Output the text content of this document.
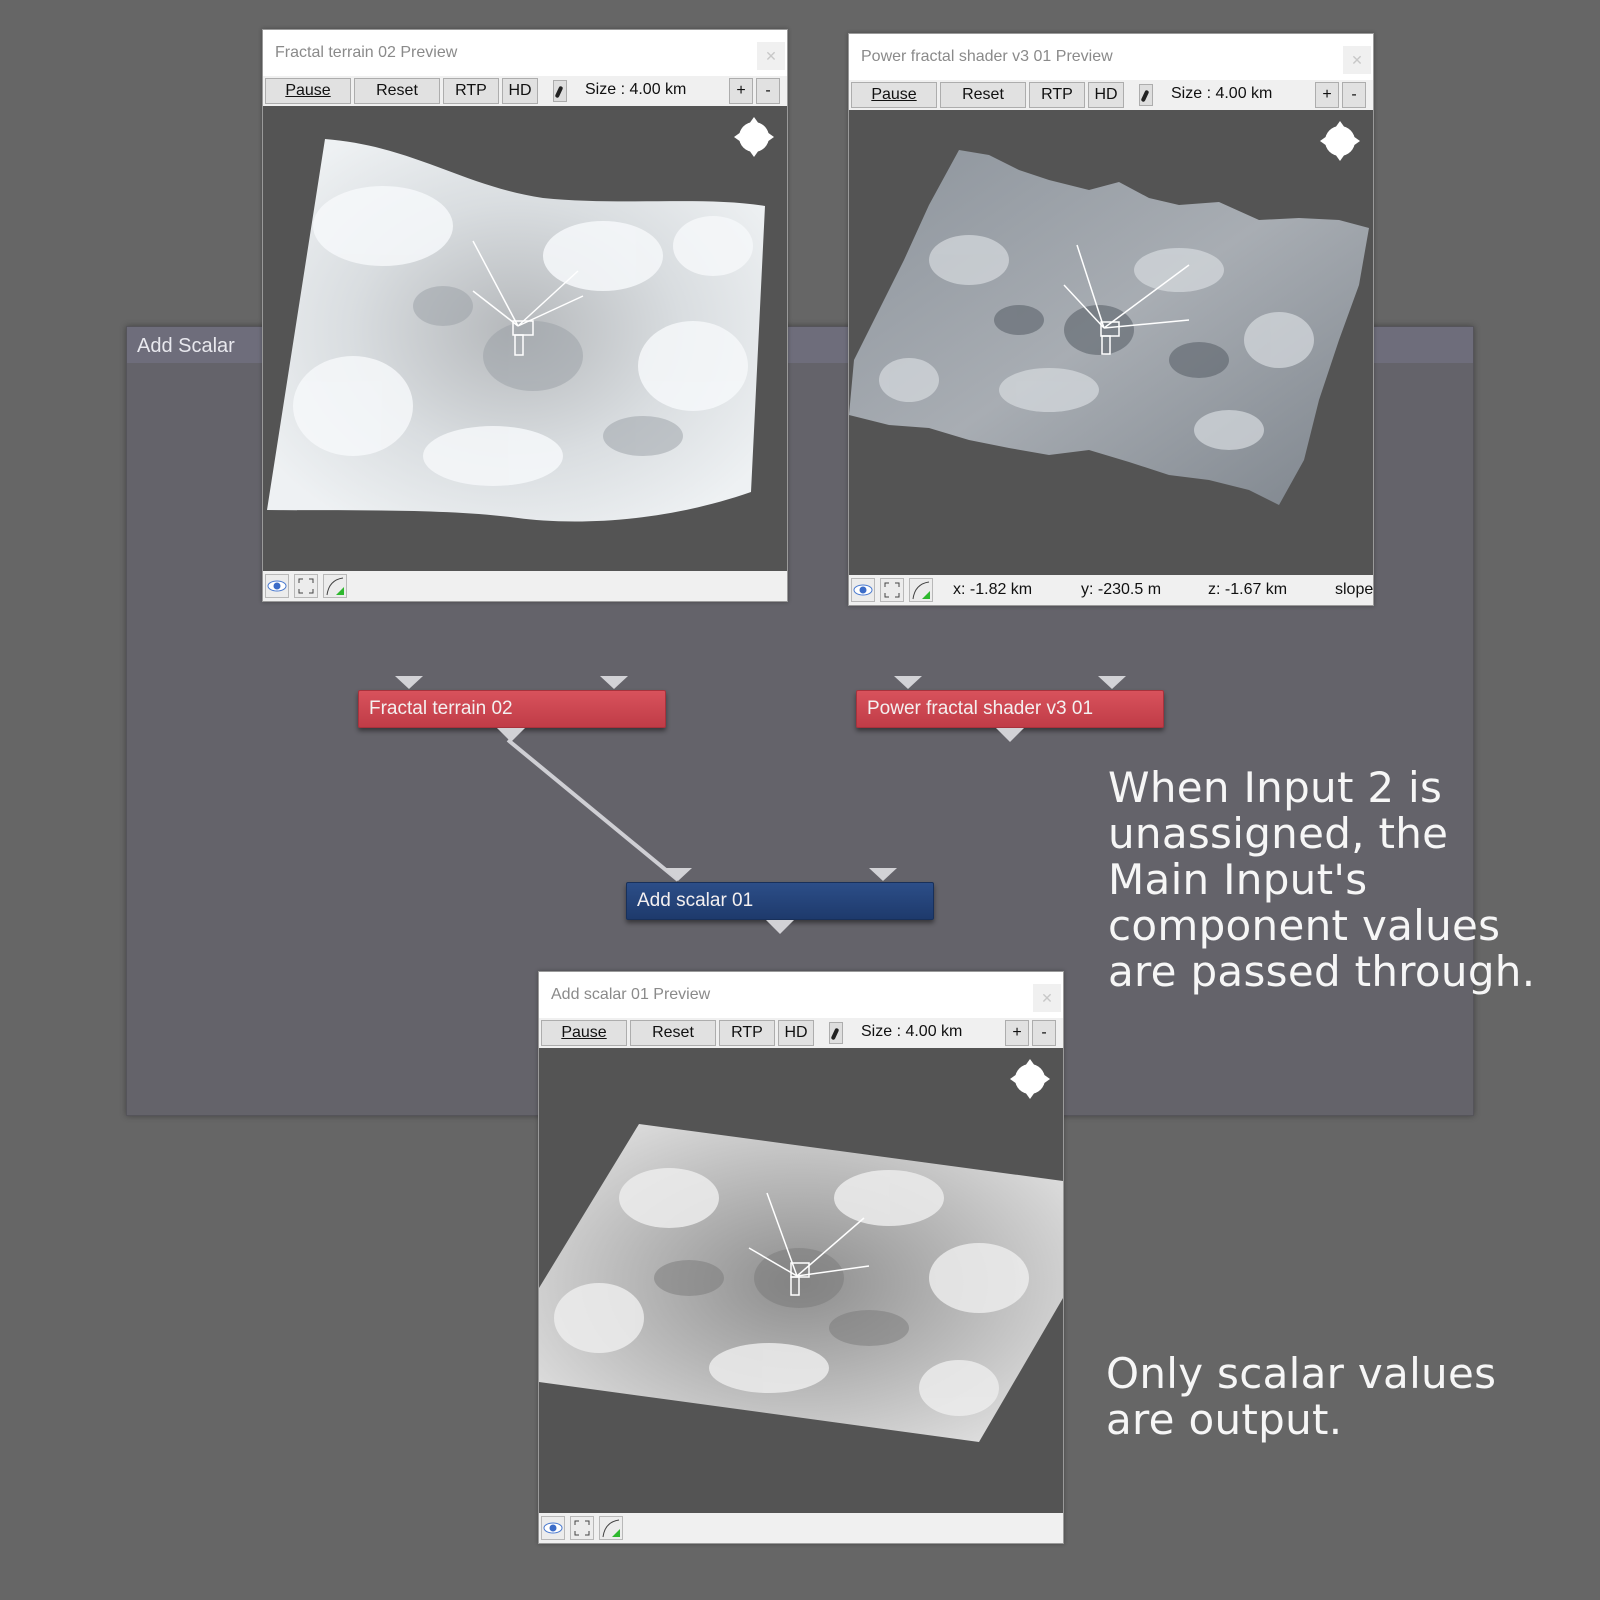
Add Scalar
Fractal terrain 02	Power fractal shader v3 01
Add scalar 01
Fractal terrain 02 Preview	✕
Pause	Reset	RTP	HD	Size : 4.00 km	+	-
Power fractal shader v3 01 Preview	✕
Pause	Reset	RTP	HD	Size : 4.00 km	+	-
x: -1.82 km	y: -230.5 m	z: -1.67 km	slope
Add scalar 01 Preview	✕
Pause	Reset	RTP	HD	Size : 4.00 km	+	-
When Input 2 is
unassigned, the
Main Input's
component values
are passed through.
Only scalar values
are output.
